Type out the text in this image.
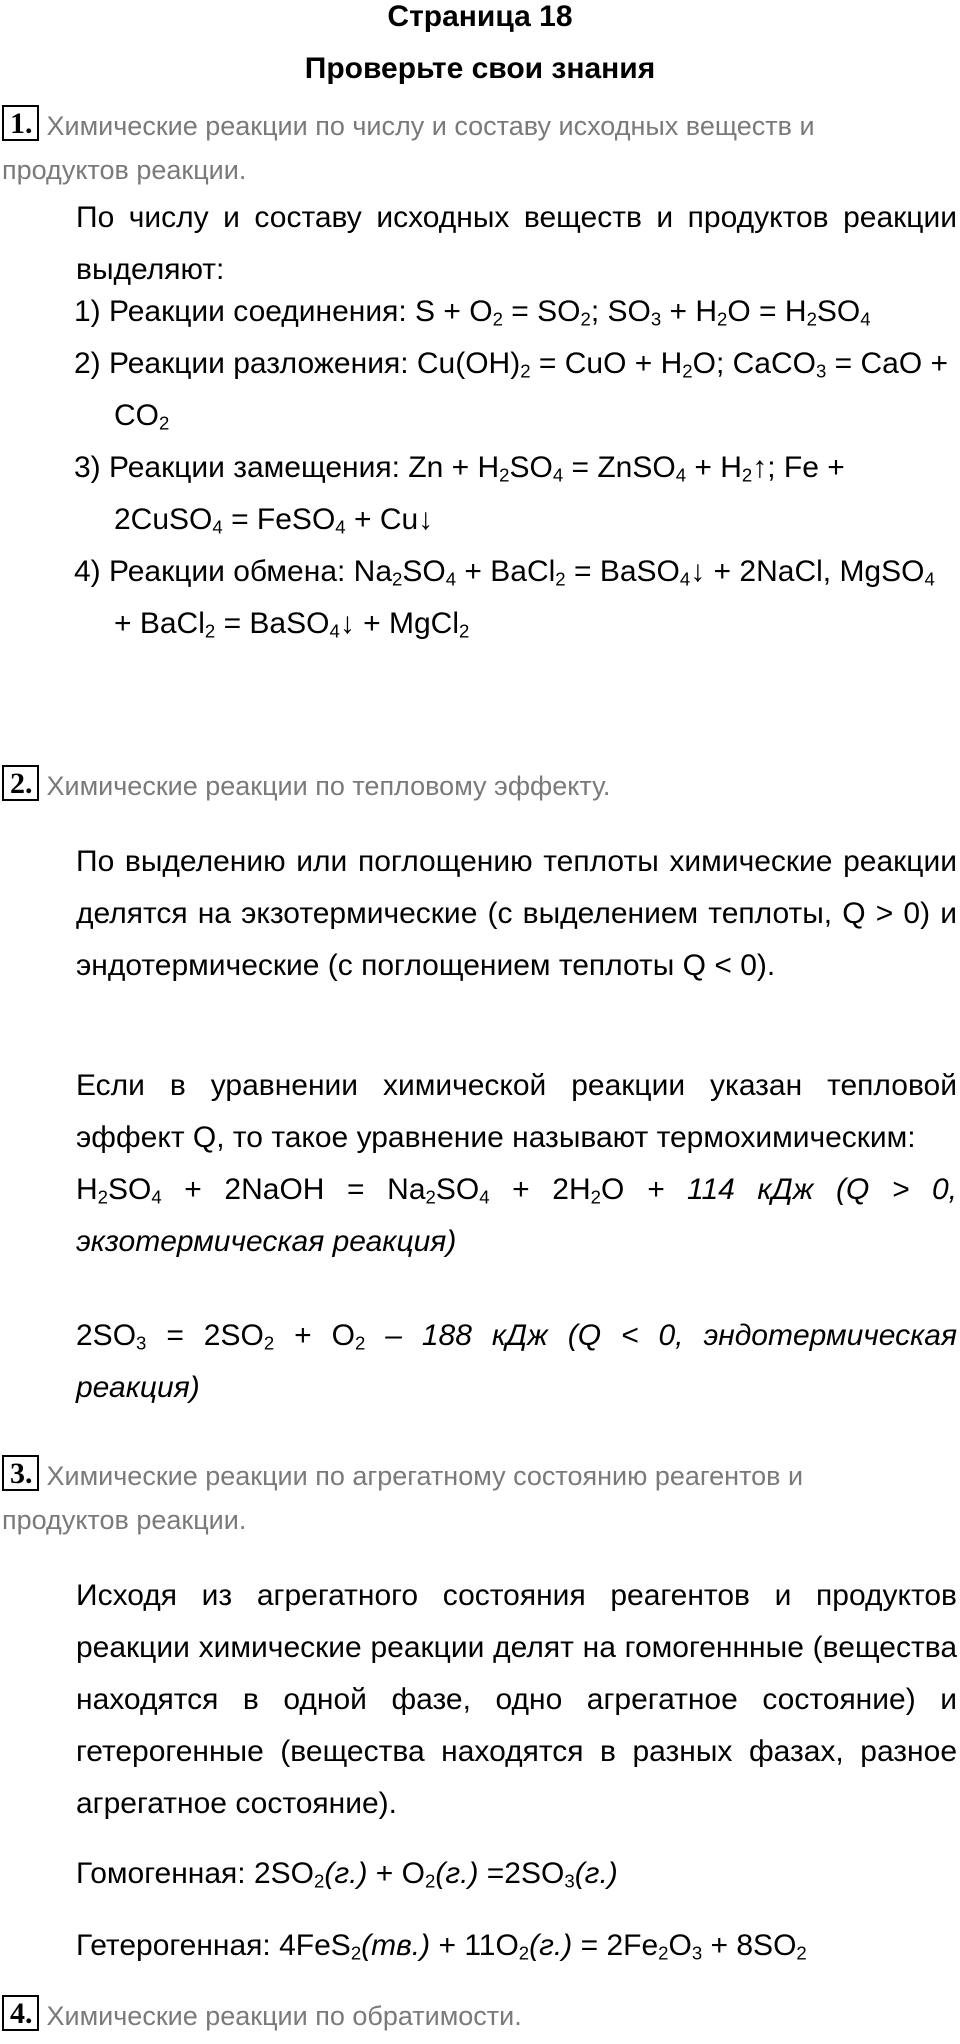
Страница 18
Проверьте свои знания
1. Химические реакции по числу и составу исходных веществ и
продуктов реакции.
По числу и составу исходных веществ и продуктов реакции выделяют:
1) Реакции соединения: $S + O_2 = SO_2$; $SO_3 + H_2O = H_2SO_4$
2) Реакции разложения: $Cu(OH)_2$ = CuO + $H_2O$; CaCO$_3$ = CaO + $CO_2$
3) Реакции замещения: $Zn + H_2SO_4$ = ZnSO$_4$ + $H_2↑$; Fe + 2CuSO$_4$ = FeSO$_4$ + Cu↓
4) Реакции обмена: $Na_2SO_4$ + BaCl$_2$ = BaSO$_4$↓ + 2NaCl, MgSO$_4$ + BaCl$_2$ = BaSO$_4$↓ + MgCl$_2$
2. Химические реакции по тепловому эффекту.
По выделению или поглощению теплоты химические реакции делятся на экзотермические (с выделением теплоты, Q > 0) и эндотермические (с поглощением теплоты Q < 0).
Если в уравнении химической реакции указан тепловой эффект Q, то такое уравнение называют термохимическим:
$H_2SO_4$ + 2NaOH = $Na_2SO_4 + 2H_2O + 114$ кДж (Q > 0, экзотермическая реакция)
$2SO_3 = 2SO_2 + O_2 - 188$ кДж (Q < 0, эндотермическая реакция)
3. Химические реакции по агрегатному состоянию реагентов и
продуктов реакции.
Исходя из агрегатного состояния реагентов и продуктов реакции химические реакции делят на гомогеннные (вещества находятся в одной фазе, одно агрегатное состояние) и гетерогенные (вещества находятся в разных фазах, разное агрегатное состояние).
Гомогенная: $2SO_2(г.) + O_2(г.) =2SO_3(г.)$
Гетерогенная: $4FeS_2(тв.) + 11O_2(г.) = 2Fe_2O_3 + 8SO_2$
4. Химические реакции по обратимости.
